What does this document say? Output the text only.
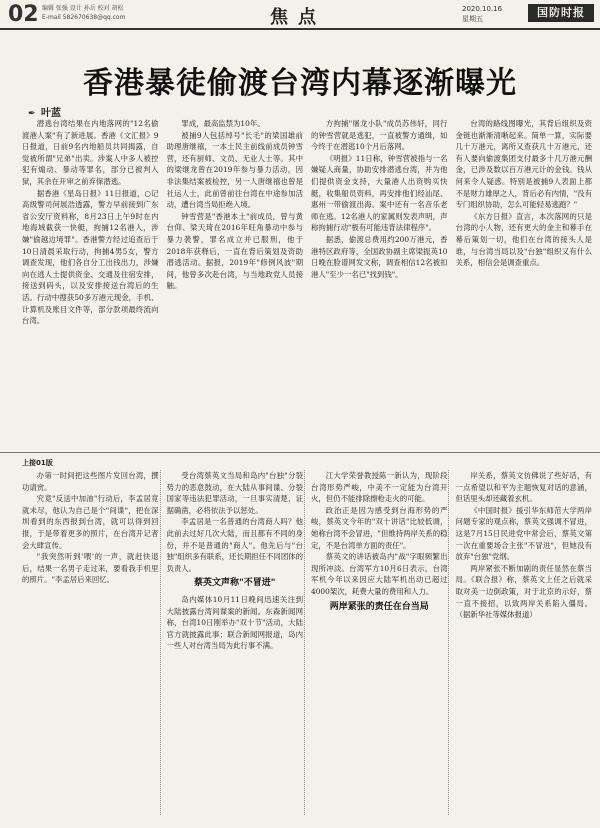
02 编辑 张强 设计 孙岳 校对 胡松
E-mail 582670638@qq.com	焦点	2020.10.16
星期五	国防时报
香港暴徒偷渡台湾内幕逐渐曝光
✒ 叶蓝

潜逃台湾结果在内地落网的"12名偷渡港人案"有了新进展。香港《文汇报》9日报道，日前9名内地船员共同揭露，自觉被所谓"兄弟"出卖。涉案人中多人被控犯有煽动、暴动等罪名，部分已被判入狱，其余在开审之前弃保潜逃。

据香港《星岛日报》11日报道，○记高级警司何展浩透露，警方早前接到广东省公安厅资料称，8月23日上午9时在内地海域截获一快艇，拘捕12名港人，涉嫌"偷越边境罪"。香港警方经过追查后于10日清晨采取行动，拘捕4男5女，警方调查发现，他们各自分工出钱出力，涉嫌向在逃人士提供资金、交通及住宿安排，接送到码头，以及安排接送台湾后的生活。行动中搜获50多万港元现金，手机、计算机及账目文件等，部分款项最终流向台湾。

罪成，最高监禁为10年。

被捕9人包括绰号"长毛"的梁国雄前助理唐继禧，一本土民主前线前成员钟雪营，还有厨师、文员、无业人士等。其中的梁继龙曾在2019年参与暴力活动，因非法集结案被检控，另一人唐继禧也曾是社运人士，此前曾前往台湾在中途参加活动，遭台湾当局拒绝入境。

钟雪营是"香港本土"前成员，曾与黄台仰、梁天琦在2016年旺角暴动中参与暴力袭警，罪名成立并已服刑，他于2018年获释后，一直在背后策划及资助潜逃活动。据报，2019年"修例风波"期间，他曾多次赴台湾，与当地政党人员接触。

方拘捕"屠龙小队"成员苏伟轩，同行的钟雪营就是逃犯，一直被警方通缉，如今终于在潜逃10个月后落网。

《明报》11日称，钟雪营被指与一名嫌疑人商量，协助安排潜逃台湾，并为他们提供资金支持，大量港人出资购买快艇，收集船员资料，再安排他们经汕尾、惠州一带偷渡出海。案中还有一名音乐老师在逃。12名港人的家属则发表声明，声称拘捕行动"极有可能违背法律程序"。

据悉，偷渡总费用约200万港元，香港特区政府等，全国政协副主席梁振英10日晚在脸谱网发文称，调查相信12名被扣港人"至少一名已"找到钱"。

台湾的路线图曝光，其背后组织及资金链也渐渐清晰起来。简单一算，实际要几十万港元，离所又查获几十万港元，还有人要向偷渡集团支付最多十几万港元酬金，已涉及数以百万港元计的金钱。钱从何来令人疑惑。特别是被捕9人表面上都不是财力雄厚之人，背后必有内情，"没有专门组织协助，怎么可能轻易逃跑？"

《东方日报》直言，本次落网的只是台湾的小人物，还有更大的金主和幕手在幕后策划一切，他们在台湾的接头人是谁，与台湾当局以及"台独"组织又有什么关系，相信会是调查重点。

上接01版

办第一时间把这些图片发回台湾，撰功请赏。

究竟"反送中加油"行动后，李孟居竟就未尽，他认为自己是个"间谍"，把在深圳看到的东西报到台湾，就可以得到回报，于是带着更多的照片，在台湾开记者会大肆宣传。

"我突然听到'喂'的一声，就赶快退后，结果一名男子走过来，要看我手机里的照片。"李孟居后来回忆。

受台湾蔡英文当局和岛内"台独"分裂势力的恶意鼓动，在大陆从事间谍、分裂国家等违法犯罪活动，一旦事实清楚、证据确凿，必将依法予以惩处。

李孟居是一名普通的台湾商人吗？他此前去过好几次大陆，而且都有不同的身份，并不是普通的"商人"。他先后与"台独"组织多有联系，还长期担任不同团体的负责人。

蔡英文声称"不冒进"

岛内媒体10月11日晚间迅速关注到大陆披露台湾间谍案的新闻。东森新闻网称，台湾10日刚举办"双十节"活动，大陆官方就披露此事；联合新闻网报道，岛内一些人对台湾当局为此行事不满。

江大学荣誉教授陈一新认为，现阶段台湾形势严峻，中美不一定能为台湾开火，但仍不能排除擦枪走火的可能。

政治正是因为感受到台海形势的严峻，蔡英文今年的"双十讲话"比较低调，她称台湾不会冒进，"但维持两岸关系的稳定，不是台湾单方面的责任"。

蔡英文的讲话被岛内"战"字眼频繁出现所冲淡。台湾军方10月6日表示，台湾军机今年以来因应大陆军机出动已超过4000架次，耗费大量的费用和人力。

两岸紧张的责任在台当局

岸关系，蔡英文仿佛说了些好话，有一点希望以和平为主题恢复对话的意涵，但话里头却还藏着玄机。

《中国时报》援引华东师范大学两岸问题专家的观点称，蔡英文强调不冒进，这是7月15日民进党中常会后，蔡英文第一次在重要场合主张"不冒进"，但她没有放弃"台独"党纲。

两岸紧张不断加剧的责任显然在蔡当局。《联合报》称，蔡英文上任之后就采取对美一边倒政策，对于北京的示好，蔡一直不接招，以致两岸关系陷入僵局。（据新华社等媒体报道）
